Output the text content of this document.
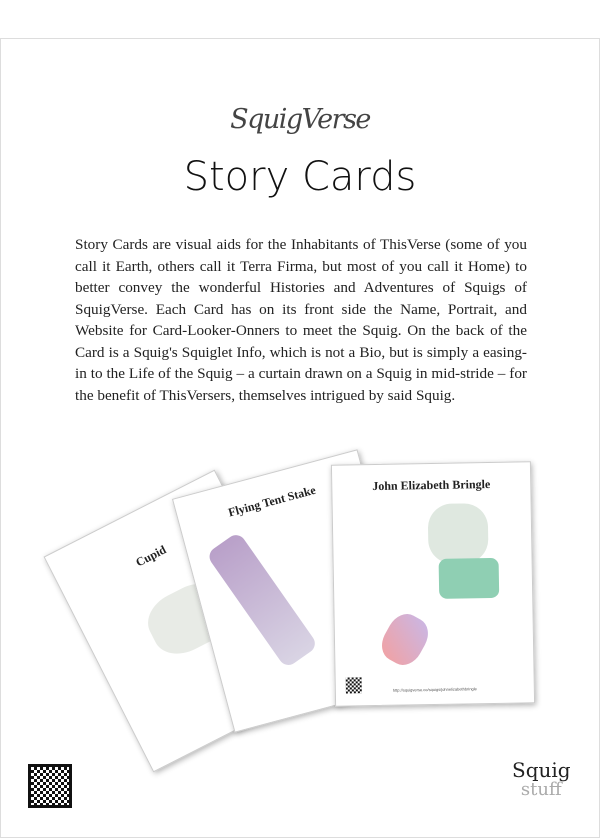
SquigVerse
Story Cards
Story Cards are visual aids for the Inhabitants of ThisVerse (some of you call it Earth, others call it Terra Firma, but most of you call it Home) to better convey the wonderful Histories and Adventures of Squigs of SquigVerse. Each Card has on its front side the Name, Portrait, and Website for Card-Looker-Onners to meet the Squig. On the back of the Card is a Squig's Squiglet Info, which is not a Bio, but is simply a easing-in to the Life of the Squig – a curtain drawn on a Squig in mid-stride – for the benefit of ThisVersers, themselves intrigued by said Squig.
Cupid
Flying Tent Stake	John Elizabeth Bringle
http://squigverse.co/squigs/johnelizabethbringle
Squig
stuff
